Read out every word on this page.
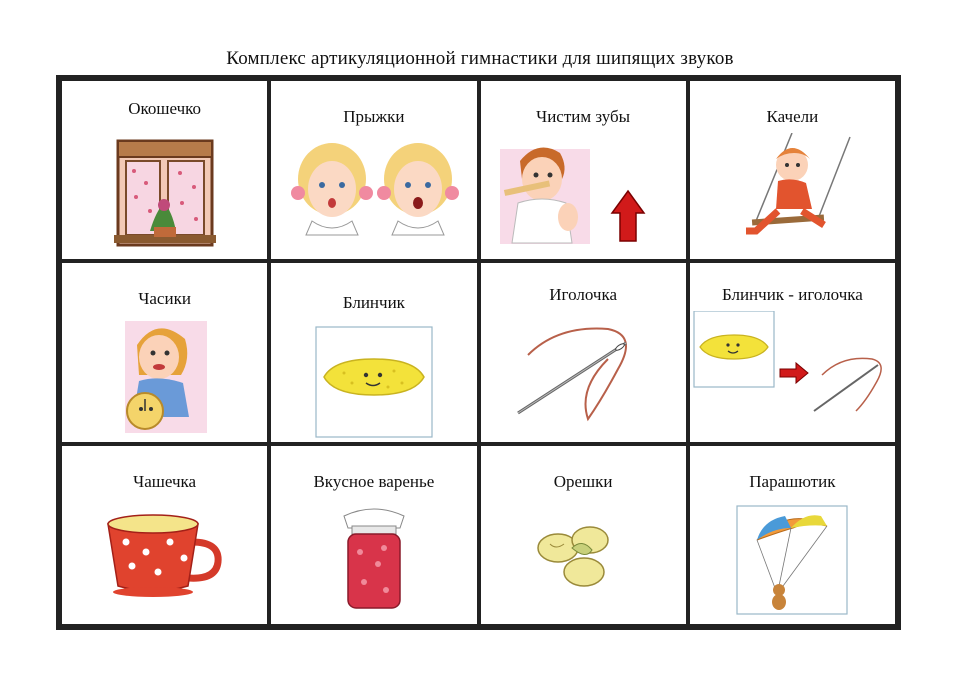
Комплекс артикуляционной гимнастики для шипящих звуков
Окошечко	Прыжки	Чистим зубы	Качели
Часики	Блинчик	Иголочка	Блинчик - иголочка
Чашечка	Вкусное варенье	Орешки	Парашютик
